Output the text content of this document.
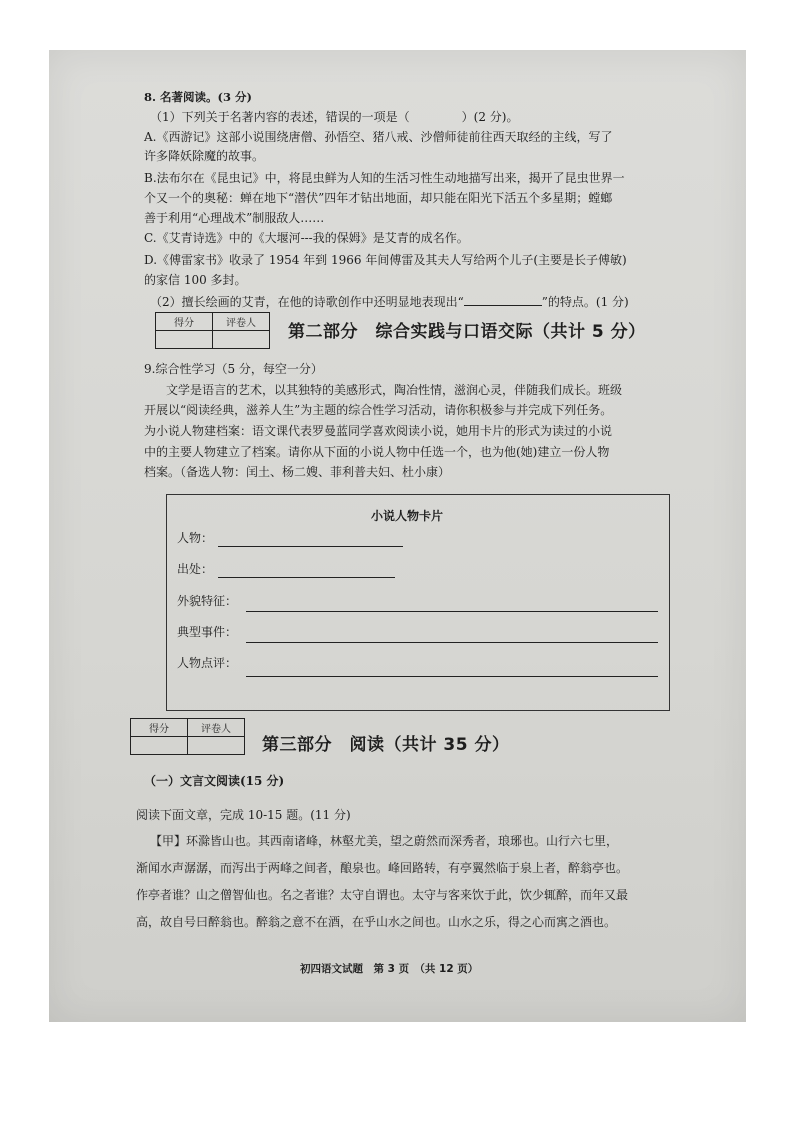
8. 名著阅读。(3 分)
（1）下列关于名著内容的表述，错误的一项是（	）(2 分)。
A.《西游记》这部小说围绕唐僧、孙悟空、猪八戒、沙僧师徒前往西天取经的主线，写了
许多降妖除魔的故事。
B.法布尔在《昆虫记》中，将昆虫鲜为人知的生活习性生动地描写出来，揭开了昆虫世界一
个又一个的奥秘：蝉在地下“潜伏”四年才钻出地面，却只能在阳光下活五个多星期；螳螂
善于利用“心理战术”制服敌人……
C.《艾青诗选》中的《大堰河---我的保姆》是艾青的成名作。
D.《傅雷家书》收录了 1954 年到 1966 年间傅雷及其夫人写给两个儿子(主要是长子傅敏)
的家信 100 多封。
（2）擅长绘画的艾青，在他的诗歌创作中还明显地表现出“	”的特点。(1 分)
得分	评卷人
	第二部分　综合实践与口语交际（共计 5 分）
9.综合性学习（5 分，每空一分）
文学是语言的艺术，以其独特的美感形式，陶冶性情，滋润心灵，伴随我们成长。班级
开展以“阅读经典，滋养人生”为主题的综合性学习活动，请你积极参与并完成下列任务。
为小说人物建档案：语文课代表罗曼蓝同学喜欢阅读小说，她用卡片的形式为读过的小说
中的主要人物建立了档案。请你从下面的小说人物中任选一个，也为他(她)建立一份人物
档案。（备选人物：闰土、杨二嫂、菲利普夫妇、杜小康）
小说人物卡片
人物：
出处：
外貌特征：
典型事件：
人物点评：
得分	评卷人

第三部分　阅读（共计 35 分）
（一）文言文阅读(15 分)
阅读下面文章，完成 10-15 题。(11 分)
【甲】环滁皆山也。其西南诸峰，林壑尤美，望之蔚然而深秀者，琅琊也。山行六七里，
渐闻水声潺潺，而泻出于两峰之间者，酿泉也。峰回路转，有亭翼然临于泉上者，醉翁亭也。
作亭者谁？山之僧智仙也。名之者谁？太守自谓也。太守与客来饮于此，饮少辄醉，而年又最
高，故自号曰醉翁也。醉翁之意不在酒，在乎山水之间也。山水之乐，得之心而寓之酒也。
初四语文试题　第 3 页　（共 12 页）
